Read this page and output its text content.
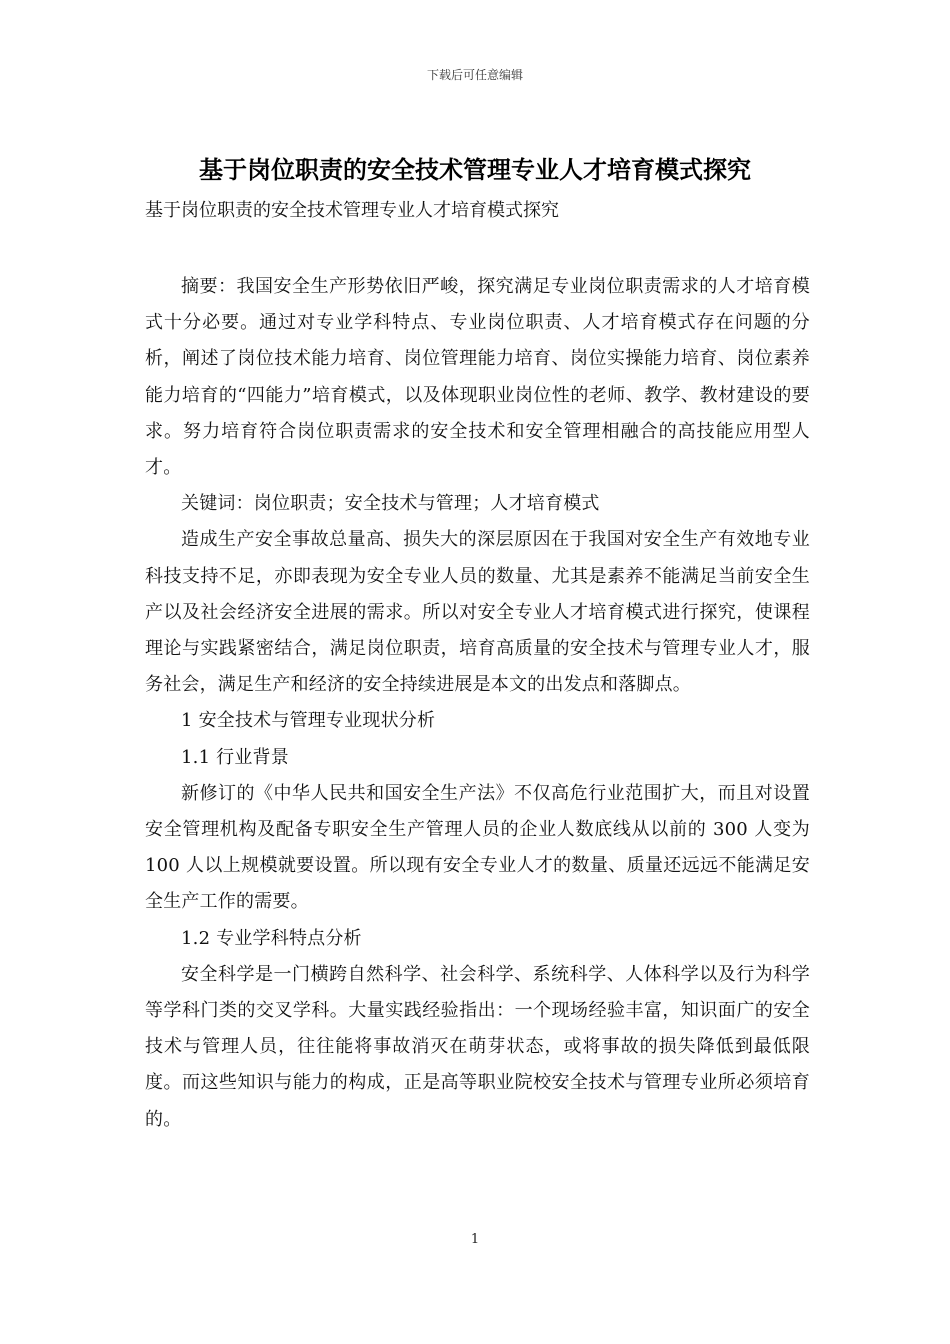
下载后可任意编辑
基于岗位职责的安全技术管理专业人才培育模式探究

基于岗位职责的安全技术管理专业人才培育模式探究

摘要：我国安全生产形势依旧严峻，探究满足专业岗位职责需求的人才培育模式十分必要。通过对专业学科特点、专业岗位职责、人才培育模式存在问题的分析，阐述了岗位技术能力培育、岗位管理能力培育、岗位实操能力培育、岗位素养能力培育的“四能力”培育模式，以及体现职业岗位性的老师、教学、教材建设的要求。努力培育符合岗位职责需求的安全技术和安全管理相融合的高技能应用型人才。

关键词：岗位职责；安全技术与管理；人才培育模式

造成生产安全事故总量高、损失大的深层原因在于我国对安全生产有效地专业科技支持不足，亦即表现为安全专业人员的数量、尤其是素养不能满足当前安全生产以及社会经济安全进展的需求。所以对安全专业人才培育模式进行探究，使课程理论与实践紧密结合，满足岗位职责，培育高质量的安全技术与管理专业人才，服务社会，满足生产和经济的安全持续进展是本文的出发点和落脚点。

1 安全技术与管理专业现状分析

1.1 行业背景

新修订的《中华人民共和国安全生产法》不仅高危行业范围扩大，而且对设置安全管理机构及配备专职安全生产管理人员的企业人数底线从以前的 300 人变为 100 人以上规模就要设置。所以现有安全专业人才的数量、质量还远远不能满足安全生产工作的需要。

1.2 专业学科特点分析

安全科学是一门横跨自然科学、社会科学、系统科学、人体科学以及行为科学等学科门类的交叉学科。大量实践经验指出：一个现场经验丰富，知识面广的安全技术与管理人员，往往能将事故消灭在萌芽状态，或将事故的损失降低到最低限度。而这些知识与能力的构成，正是高等职业院校安全技术与管理专业所必须培育的。

1
